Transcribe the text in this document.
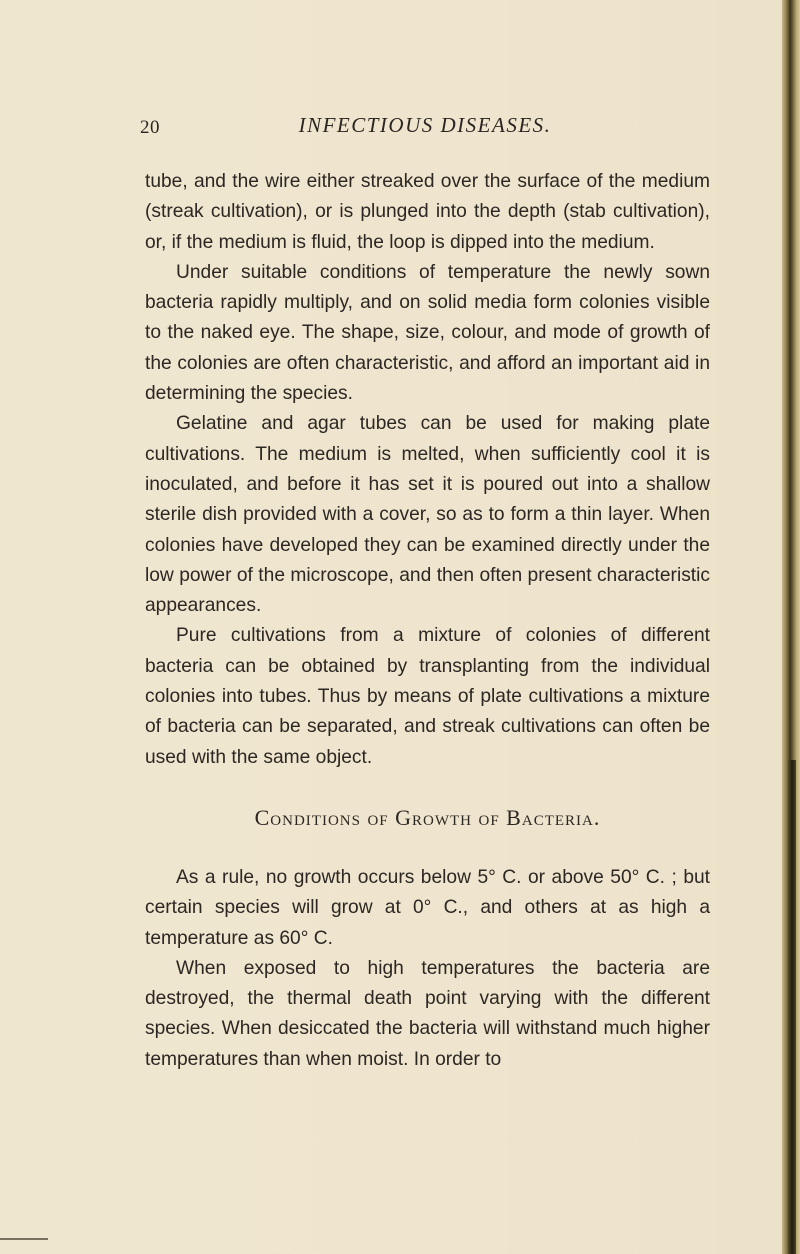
20	INFECTIOUS DISEASES.

tube, and the wire either streaked over the surface of the medium (streak cultivation), or is plunged into the depth (stab cultivation), or, if the medium is fluid, the loop is dipped into the medium.

Under suitable conditions of temperature the newly sown bacteria rapidly multiply, and on solid media form colonies visible to the naked eye. The shape, size, colour, and mode of growth of the colonies are often characteristic, and afford an important aid in determining the species.

Gelatine and agar tubes can be used for making plate cultivations. The medium is melted, when sufficiently cool it is inoculated, and before it has set it is poured out into a shallow sterile dish provided with a cover, so as to form a thin layer. When colonies have developed they can be examined directly under the low power of the microscope, and then often present characteristic appearances.

Pure cultivations from a mixture of colonies of different bacteria can be obtained by transplanting from the individual colonies into tubes. Thus by means of plate cultivations a mixture of bacteria can be separated, and streak cultivations can often be used with the same object.

Conditions of Growth of Bacteria.

As a rule, no growth occurs below 5° C. or above 50° C. ; but certain species will grow at 0° C., and others at as high a temperature as 60° C.

When exposed to high temperatures the bacteria are destroyed, the thermal death point varying with the different species. When desiccated the bacteria will withstand much higher temperatures than when moist. In order to
